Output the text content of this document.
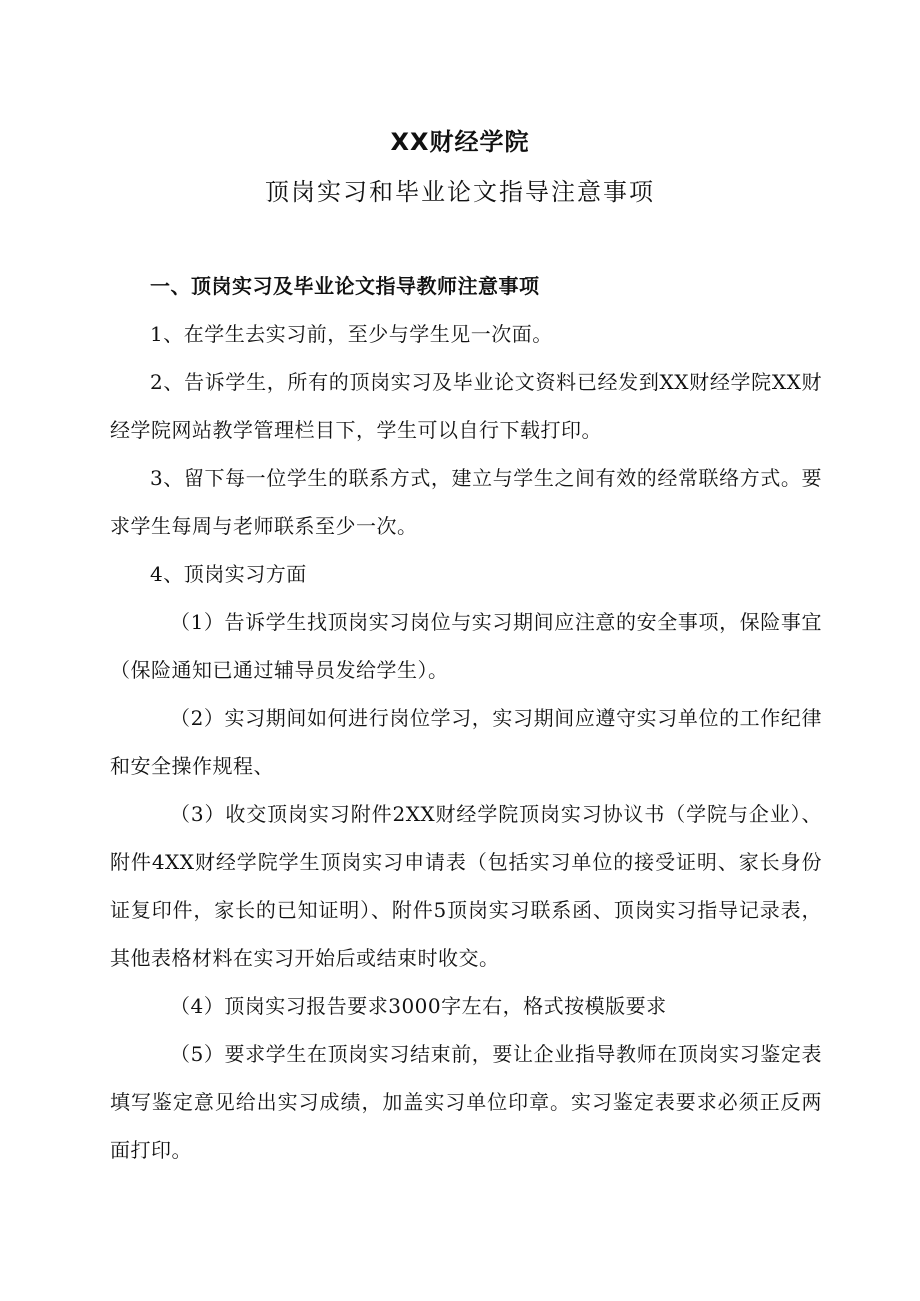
XX财经学院
顶岗实习和毕业论文指导注意事项
一、顶岗实习及毕业论文指导教师注意事项
1、在学生去实习前，至少与学生见一次面。
2、告诉学生，所有的顶岗实习及毕业论文资料已经发到XX财经学院XX财经学院网站教学管理栏目下，学生可以自行下载打印。
3、留下每一位学生的联系方式，建立与学生之间有效的经常联络方式。要求学生每周与老师联系至少一次。
4、顶岗实习方面
（1）告诉学生找顶岗实习岗位与实习期间应注意的安全事项，保险事宜（保险通知已通过辅导员发给学生）。
（2）实习期间如何进行岗位学习，实习期间应遵守实习单位的工作纪律和安全操作规程、
（3）收交顶岗实习附件2XX财经学院顶岗实习协议书（学院与企业）、附件4XX财经学院学生顶岗实习申请表（包括实习单位的接受证明、家长身份证复印件，家长的已知证明）、附件5顶岗实习联系函、顶岗实习指导记录表，其他表格材料在实习开始后或结束时收交。
（4）顶岗实习报告要求3000字左右，格式按模版要求
（5）要求学生在顶岗实习结束前，要让企业指导教师在顶岗实习鉴定表填写鉴定意见给出实习成绩，加盖实习单位印章。实习鉴定表要求必须正反两面打印。
